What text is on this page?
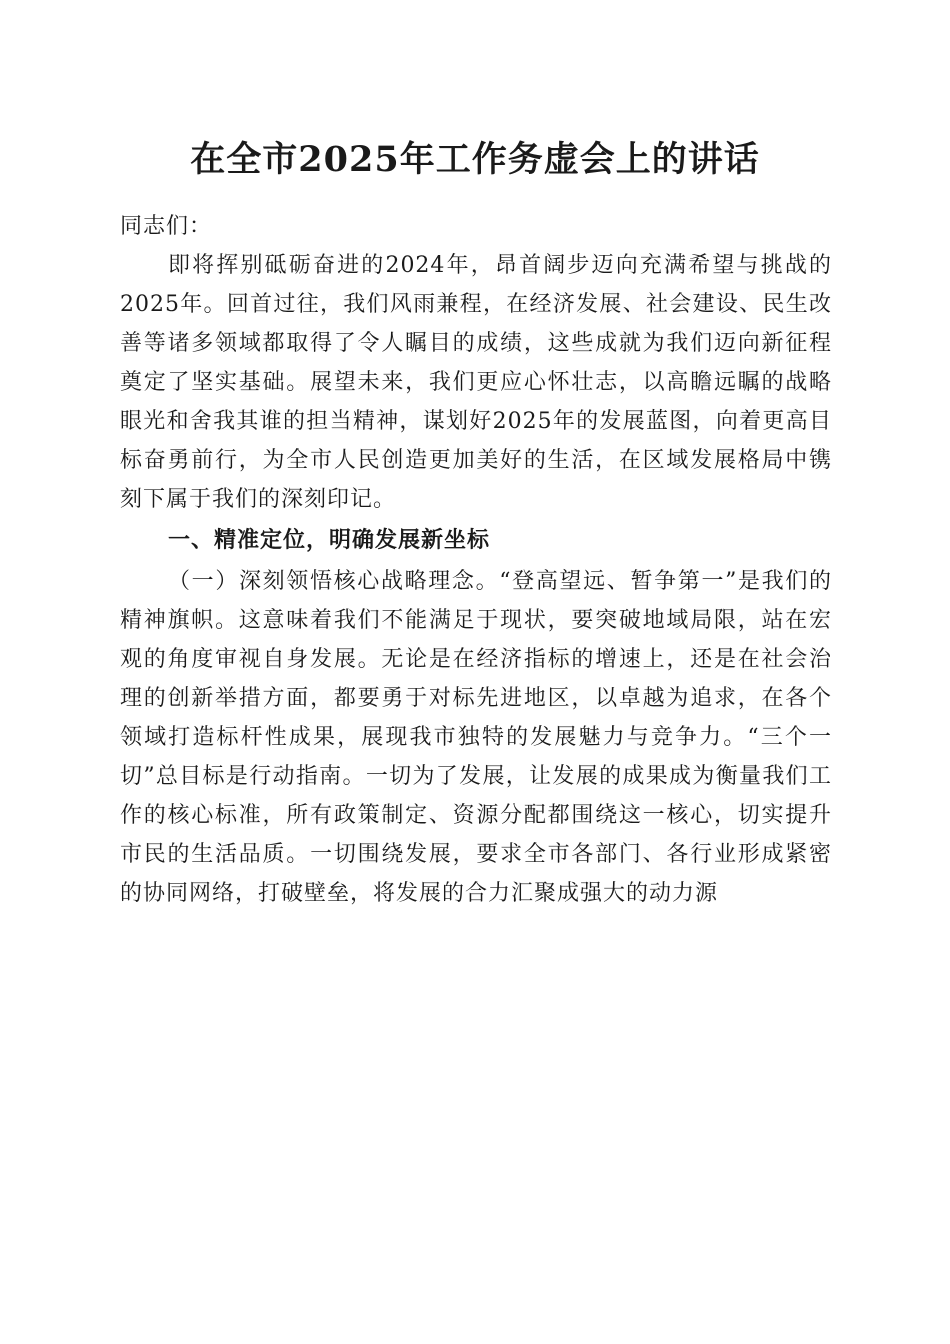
在全市2025年工作务虚会上的讲话

同志们：

即将挥别砥砺奋进的2024年，昂首阔步迈向充满希望与挑战的2025年。回首过往，我们风雨兼程，在经济发展、社会建设、民生改善等诸多领域都取得了令人瞩目的成绩，这些成就为我们迈向新征程奠定了坚实基础。展望未来，我们更应心怀壮志，以高瞻远瞩的战略眼光和舍我其谁的担当精神，谋划好2025年的发展蓝图，向着更高目标奋勇前行，为全市人民创造更加美好的生活，在区域发展格局中镌刻下属于我们的深刻印记。

一、精准定位，明确发展新坐标

（一）深刻领悟核心战略理念。“登高望远、暂争第一”是我们的精神旗帜。这意味着我们不能满足于现状，要突破地域局限，站在宏观的角度审视自身发展。无论是在经济指标的增速上，还是在社会治理的创新举措方面，都要勇于对标先进地区，以卓越为追求，在各个领域打造标杆性成果，展现我市独特的发展魅力与竞争力。“三个一切”总目标是行动指南。一切为了发展，让发展的成果成为衡量我们工作的核心标准，所有政策制定、资源分配都围绕这一核心，切实提升市民的生活品质。一切围绕发展，要求全市各部门、各行业形成紧密的协同网络，打破壁垒，将发展的合力汇聚成强大的动力源
